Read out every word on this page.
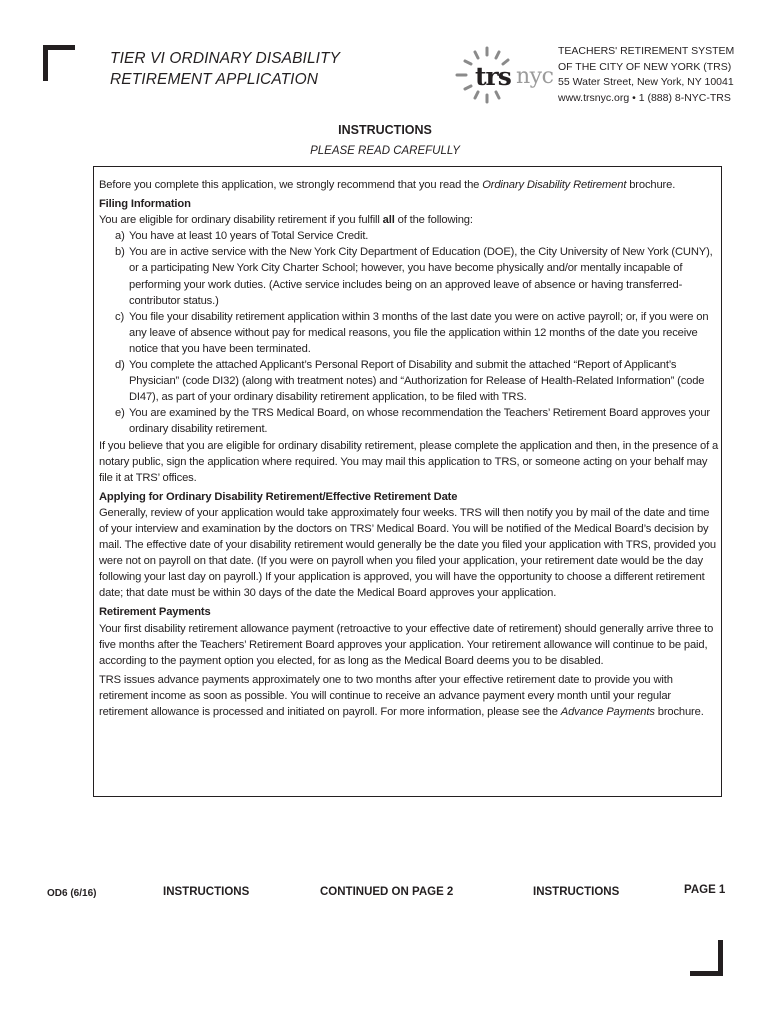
TIER VI ORDINARY DISABILITY
RETIREMENT APPLICATION	trs nyc
TEACHERS' RETIREMENT SYSTEM
OF THE CITY OF NEW YORK (TRS)
55 Water Street, New York, NY 10041
www.trsnyc.org • 1 (888) 8-NYC-TRS
INSTRUCTIONS
PLEASE READ CAREFULLY

Before you complete this application, we strongly recommend that you read the Ordinary Disability Retirement brochure.

Filing Information

You are eligible for ordinary disability retirement if you fulfill all of the following:

a) You have at least 10 years of Total Service Credit.
b) You are in active service with the New York City Department of Education (DOE), the City University of New York (CUNY), or a participating New York City Charter School; however, you have become physically and/or mentally incapable of performing your work duties. (Active service includes being on an approved leave of absence or having transferred-contributor status.)
c) You file your disability retirement application within 3 months of the last date you were on active payroll; or, if you were on any leave of absence without pay for medical reasons, you file the application within 12 months of the date you receive notice that you have been terminated.
d) You complete the attached Applicant’s Personal Report of Disability and submit the attached “Report of Applicant’s Physician” (code DI32) (along with treatment notes) and “Authorization for Release of Health-Related Information” (code DI47), as part of your ordinary disability retirement application, to be filed with TRS.
e) You are examined by the TRS Medical Board, on whose recommendation the Teachers’ Retirement Board approves your ordinary disability retirement.

If you believe that you are eligible for ordinary disability retirement, please complete the application and then, in the presence of a notary public, sign the application where required. You may mail this application to TRS, or someone acting on your behalf may file it at TRS’ offices.

Applying for Ordinary Disability Retirement/Effective Retirement Date

Generally, review of your application would take approximately four weeks. TRS will then notify you by mail of the date and time of your interview and examination by the doctors on TRS’ Medical Board. You will be notified of the Medical Board’s decision by mail. The effective date of your disability retirement would generally be the date you filed your application with TRS, provided you were not on payroll on that date. (If you were on payroll when you filed your application, your retirement date would be the day following your last day on payroll.) If your application is approved, you will have the opportunity to choose a different retirement date; that date must be within 30 days of the date the Medical Board approves your application.

Retirement Payments

Your first disability retirement allowance payment (retroactive to your effective date of retirement) should generally arrive three to five months after the Teachers’ Retirement Board approves your application. Your retirement allowance will continue to be paid, according to the payment option you elected, for as long as the Medical Board deems you to be disabled.

TRS issues advance payments approximately one to two months after your effective retirement date to provide you with retirement income as soon as possible. You will continue to receive an advance payment every month until your regular retirement allowance is processed and initiated on payroll. For more information, please see the Advance Payments brochure.

OD6 (6/16)	INSTRUCTIONS	CONTINUED ON PAGE 2	INSTRUCTIONS	PAGE 1
